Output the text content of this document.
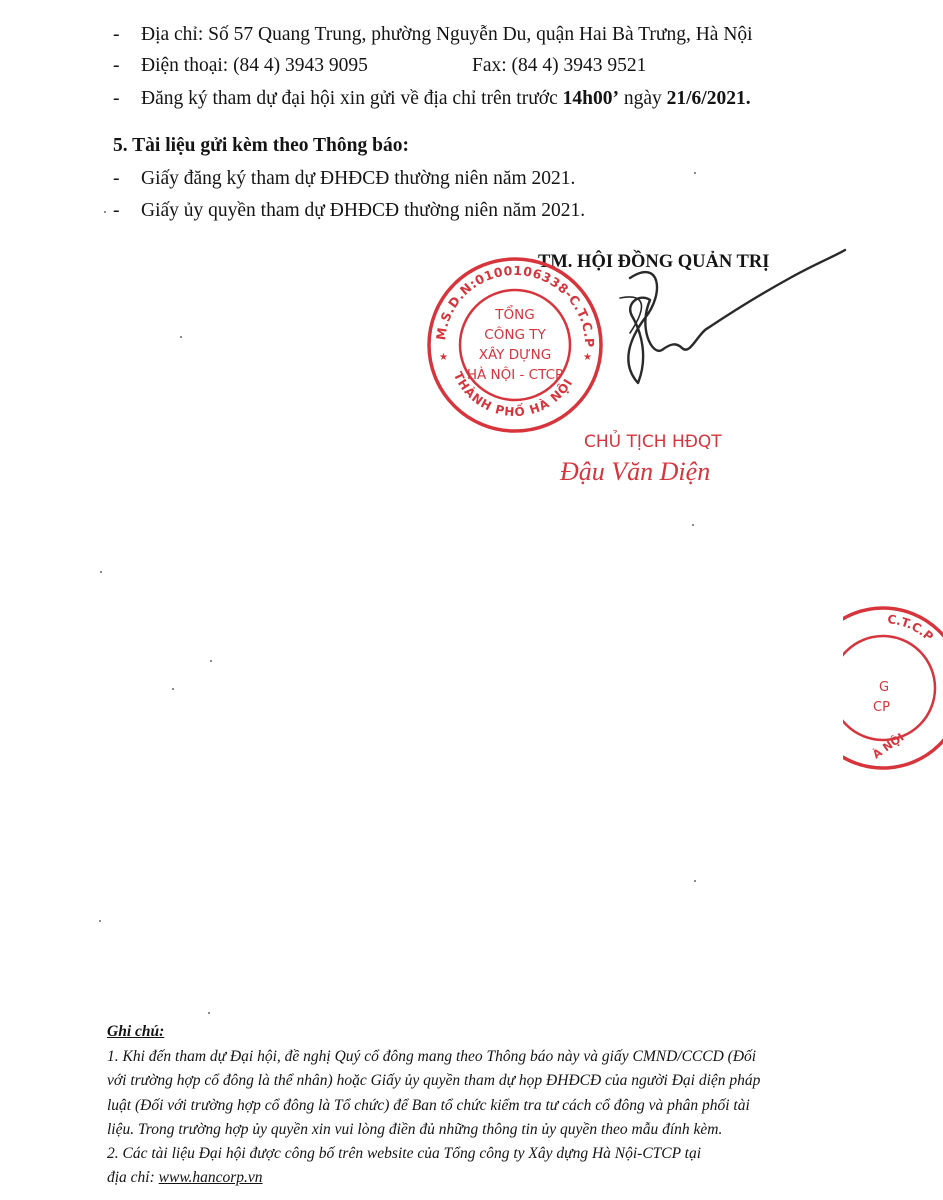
- Địa chỉ: Số 57 Quang Trung, phường Nguyễn Du, quận Hai Bà Trưng, Hà Nội
- Điện thoại: (84 4) 3943 9095	Fax: (84 4) 3943 9521
- Đăng ký tham dự đại hội xin gửi về địa chỉ trên trước 14h00’ ngày 21/6/2021.
5. Tài liệu gửi kèm theo Thông báo:
- Giấy đăng ký tham dự ĐHĐCĐ thường niên năm 2021.
- Giấy ủy quyền tham dự ĐHĐCĐ thường niên năm 2021.
TM. HỘI ĐỒNG QUẢN TRỊ
M.S.D.N:0100106338-C.T.C.P
THÀNH PHỐ HÀ NỘI
★	★
TỔNG
CÔNG TY
XÂY DỰNG
HÀ NỘI - CTCP
CHỦ TỊCH HĐQT
Đậu Văn Diện
G
CP
C.T.C.P
À NỘI
Ghi chú:
1. Khi đến tham dự Đại hội, đề nghị Quý cổ đông mang theo Thông báo này và giấy CMND/CCCD (Đối
với trường hợp cổ đông là thể nhân) hoặc Giấy ủy quyền tham dự họp ĐHĐCĐ của người Đại diện pháp
luật (Đối với trường hợp cổ đông là Tổ chức) để Ban tổ chức kiểm tra tư cách cổ đông và phân phối tài
liệu. Trong trường hợp ủy quyền xin vui lòng điền đủ những thông tin ủy quyền theo mẫu đính kèm.
2. Các tài liệu Đại hội được công bố trên website của Tổng công ty Xây dựng Hà Nội-CTCP tại
địa chỉ: www.hancorp.vn
